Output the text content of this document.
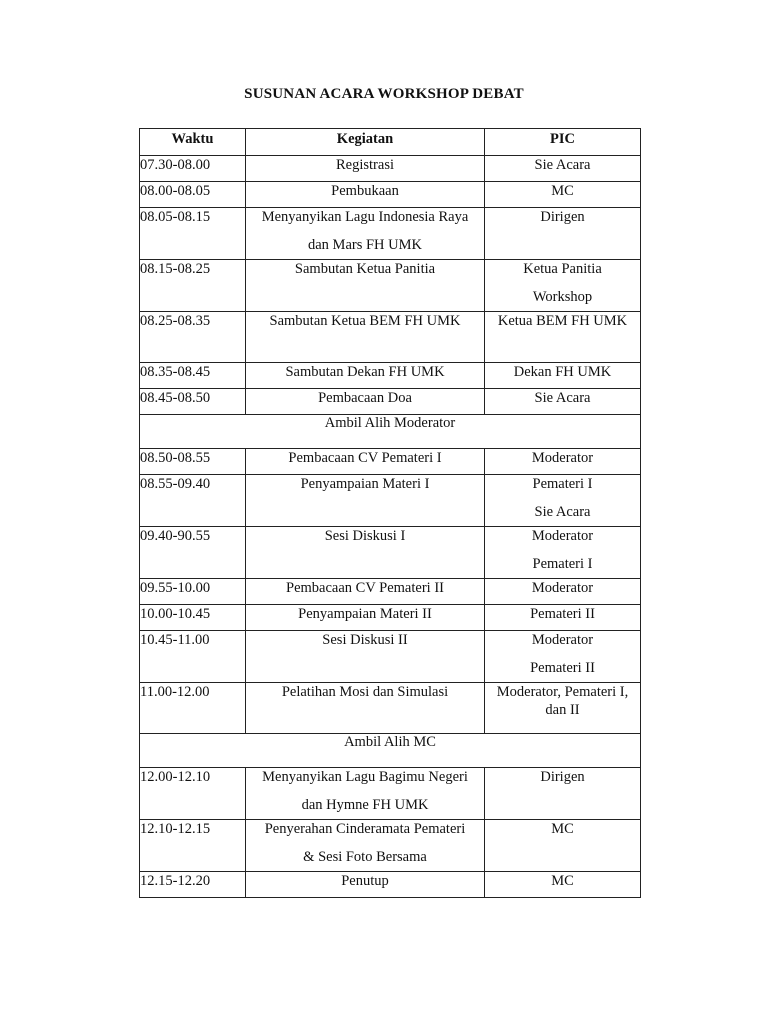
SUSUNAN ACARA WORKSHOP DEBAT
Waktu	Kegiatan	PIC

07.30-08.00	Registrasi	Sie Acara

08.00-08.05	Pembukaan	MC

08.05-08.15	Menyanyikan Lagu Indonesia Raya
dan Mars FH UMK	Dirigen

08.15-08.25	Sambutan Ketua Panitia	Ketua Panitia
Workshop

08.25-08.35	Sambutan Ketua BEM FH UMK	Ketua BEM FH UMK

08.35-08.45	Sambutan Dekan FH UMK	Dekan FH UMK

08.45-08.50	Pembacaan Doa	Sie Acara

Ambil Alih Moderator		

08.50-08.55	Pembacaan CV Pemateri I	Moderator

08.55-09.40	Penyampaian Materi I	Pemateri I
Sie Acara

09.40-90.55	Sesi Diskusi I	Moderator
Pemateri I

09.55-10.00	Pembacaan CV Pemateri II	Moderator

10.00-10.45	Penyampaian Materi II	Pemateri II

10.45-11.00	Sesi Diskusi II	Moderator
Pemateri II

11.00-12.00	Pelatihan Mosi dan Simulasi	Moderator, Pemateri I,
dan II

Ambil Alih MC		

12.00-12.10	Menyanyikan Lagu Bagimu Negeri
dan Hymne FH UMK	Dirigen

12.10-12.15	Penyerahan Cinderamata Pemateri
& Sesi Foto Bersama	MC

12.15-12.20	Penutup	MC
